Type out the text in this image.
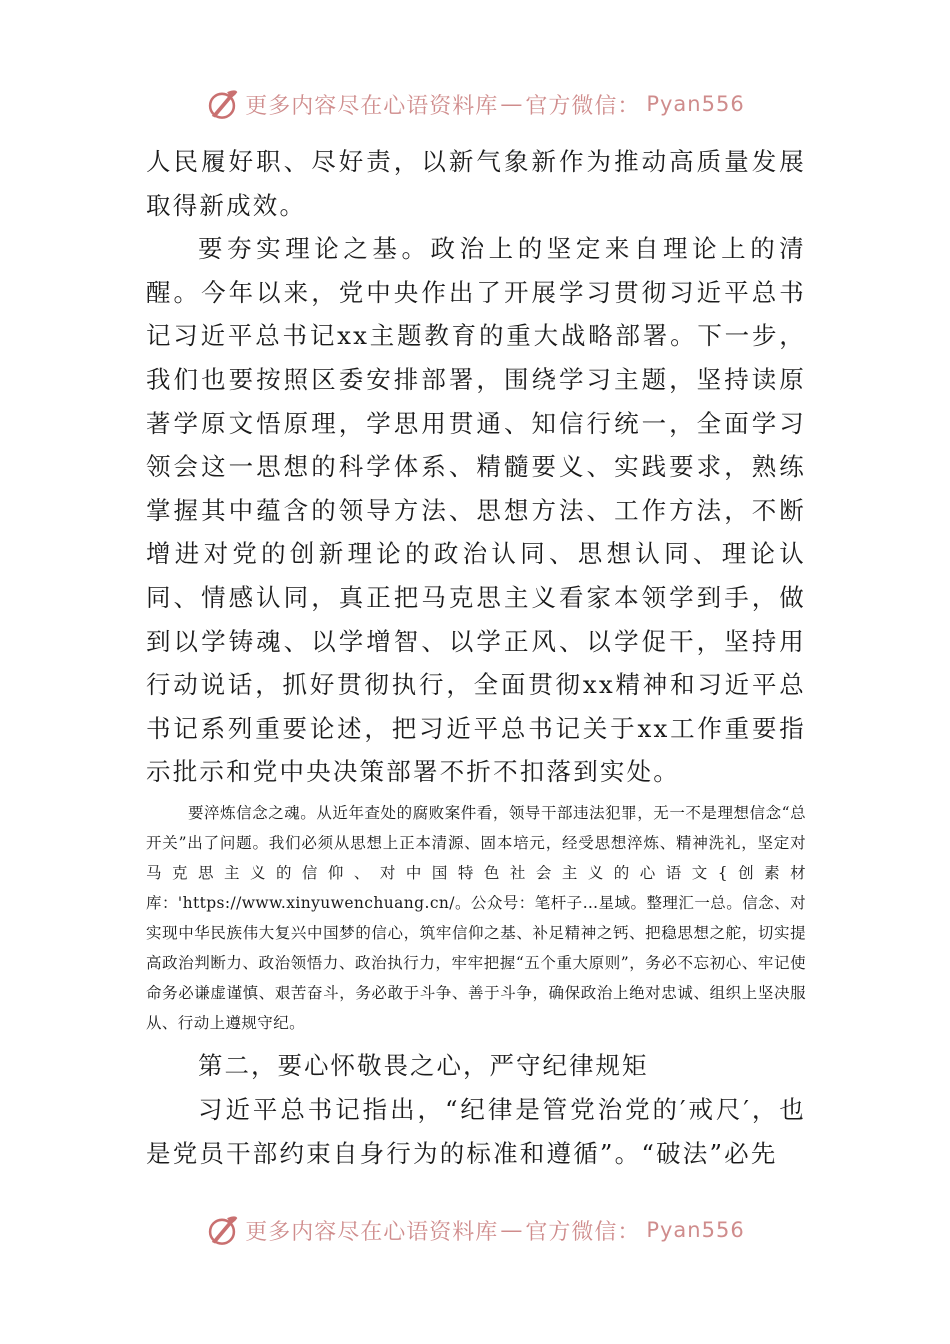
更多内容尽在心语资料库 — 官方微信： Pyan556

人民履好职、尽好责，以新气象新作为推动高质量发展取得新成效。

要夯实理论之基。政治上的坚定来自理论上的清醒。今年以来，党中央作出了开展学习贯彻习近平总书记习近平总书记xx主题教育的重大战略部署。下一步，我们也要按照区委安排部署，围绕学习主题，坚持读原著学原文悟原理，学思用贯通、知信行统一，全面学习领会这一思想的科学体系、精髓要义、实践要求，熟练掌握其中蕴含的领导方法、思想方法、工作方法，不断增进对党的创新理论的政治认同、思想认同、理论认同、情感认同，真正把马克思主义看家本领学到手，做到以学铸魂、以学增智、以学正风、以学促干，坚持用行动说话，抓好贯彻执行，全面贯彻xx精神和习近平总书记系列重要论述，把习近平总书记关于xx工作重要指示批示和党中央决策部署不折不扣落到实处。

要淬炼信念之魂。从近年查处的腐败案件看，领导干部违法犯罪，无一不是理想信念“总开关”出了问题。我们必须从思想上正本清源、固本培元，经受思想淬炼、精神洗礼，坚定对马克思主义的信仰、对中国特色社会主义的心语文{创素材库：'https://www.xinyuwenchuang.cn/。公众号：笔杆子…星域。整理汇一总。信念、对实现中华民族伟大复兴中国梦的信心，筑牢信仰之基、补足精神之钙、把稳思想之舵，切实提高政治判断力、政治领悟力、政治执行力，牢牢把握“五个重大原则”，务必不忘初心、牢记使命务必谦虚谨慎、艰苦奋斗，务必敢于斗争、善于斗争，确保政治上绝对忠诚、组织上坚决服从、行动上遵规守纪。

第二，要心怀敬畏之心，严守纪律规矩

习近平总书记指出，“纪律是管党治党的′戒尺′，也是党员干部约束自身行为的标准和遵循”。“破法”必先

更多内容尽在心语资料库 — 官方微信： Pyan556
